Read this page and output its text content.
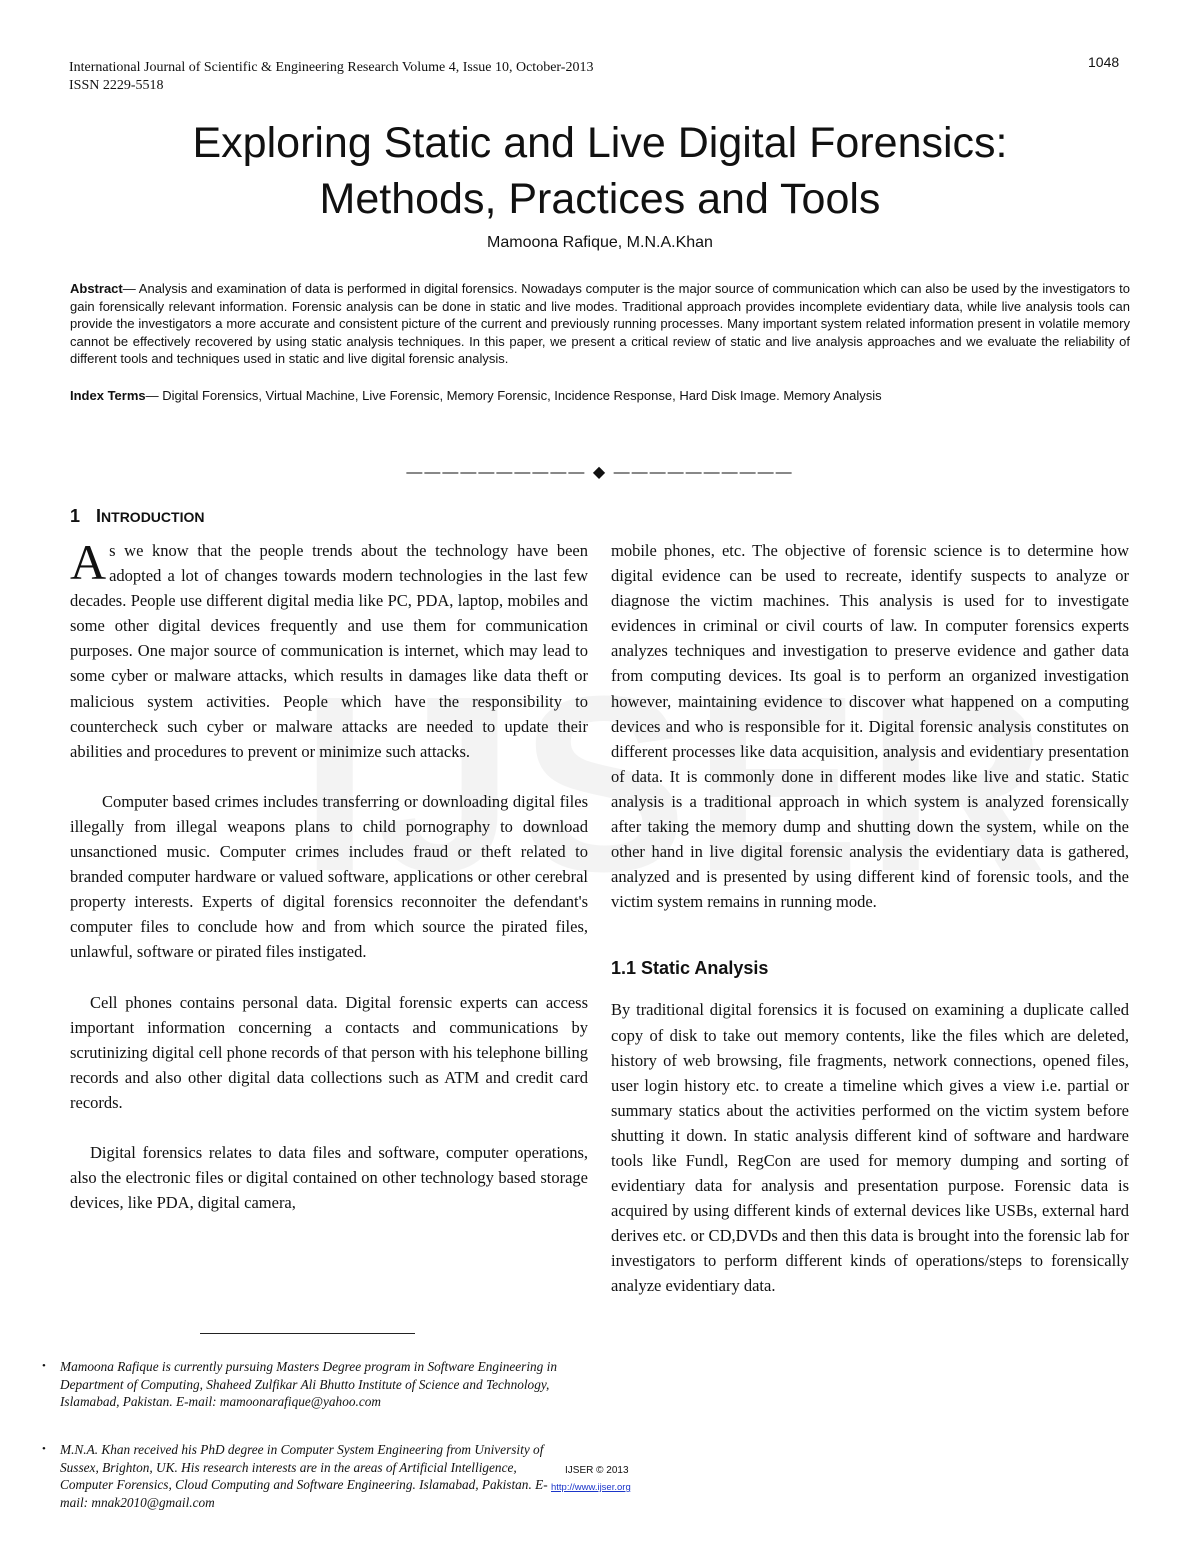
International Journal of Scientific & Engineering Research Volume 4, Issue 10, October-2013
ISSN 2229-5518
1048
Exploring Static and Live Digital Forensics:
Methods, Practices and Tools
Mamoona Rafique, M.N.A.Khan

Abstract— Analysis and examination of data is performed in digital forensics. Nowadays computer is the major source of communication which can also be used by the investigators to gain forensically relevant information. Forensic analysis can be done in static and live modes. Traditional approach provides incomplete evidentiary data, while live analysis tools can provide the investigators a more accurate and consistent picture of the current and previously running processes. Many important system related information present in volatile memory cannot be effectively recovered by using static analysis techniques. In this paper, we present a critical review of static and live analysis approaches and we evaluate the reliability of different tools and techniques used in static and live digital forensic analysis.

Index Terms— Digital Forensics, Virtual Machine, Live Forensic, Memory Forensic, Incidence Response, Hard Disk Image. Memory Analysis

—————————— ◆ ——————————
1 INTRODUCTION

As we know that the people trends about the technology have been adopted a lot of changes towards modern technologies in the last few decades. People use different digital media like PC, PDA, laptop, mobiles and some other digital devices frequently and use them for communication purposes. One major source of communication is internet, which may lead to some cyber or malware attacks, which results in damages like data theft or malicious system activities. People which have the responsibility to countercheck such cyber or malware attacks are needed to update their abilities and procedures to prevent or minimize such attacks.

Computer based crimes includes transferring or downloading digital files illegally from illegal weapons plans to child pornography to download unsanctioned music. Computer crimes includes fraud or theft related to branded computer hardware or valued software, applications or other cerebral property interests. Experts of digital forensics reconnoiter the defendant's computer files to conclude how and from which source the pirated files, unlawful, software or pirated files instigated.

Cell phones contains personal data. Digital forensic experts can access important information concerning a contacts and communications by scrutinizing digital cell phone records of that person with his telephone billing records and also other digital data collections such as ATM and credit card records.

Digital forensics relates to data files and software, computer operations, also the electronic files or digital contained on other technology based storage devices, like PDA, digital camera,

mobile phones, etc. The objective of forensic science is to determine how digital evidence can be used to recreate, identify suspects to analyze or diagnose the victim machines. This analysis is used for to investigate evidences in criminal or civil courts of law. In computer forensics experts analyzes techniques and investigation to preserve evidence and gather data from computing devices. Its goal is to perform an organized investigation however, maintaining evidence to discover what happened on a computing devices and who is responsible for it. Digital forensic analysis constitutes on different processes like data acquisition, analysis and evidentiary presentation of data. It is commonly done in different modes like live and static. Static analysis is a traditional approach in which system is analyzed forensically after taking the memory dump and shutting down the system, while on the other hand in live digital forensic analysis the evidentiary data is gathered, analyzed and is presented by using different kind of forensic tools, and the victim system remains in running mode.

1.1 Static Analysis

By traditional digital forensics it is focused on examining a duplicate called copy of disk to take out memory contents, like the files which are deleted, history of web browsing, file fragments, network connections, opened files, user login history etc. to create a timeline which gives a view i.e. partial or summary statics about the activities performed on the victim system before shutting it down. In static analysis different kind of software and hardware tools like Fundl, RegCon are used for memory dumping and sorting of evidentiary data for analysis and presentation purpose. Forensic data is acquired by using different kinds of external devices like USBs, external hard derives etc. or CD,DVDs and then this data is brought into the forensic lab for investigators to perform different kinds of operations/steps to forensically analyze evidentiary data.

• Mamoona Rafique is currently pursuing Masters Degree program in Software Engineering in Department of Computing, Shaheed Zulfikar Ali Bhutto Institute of Science and Technology, Islamabad, Pakistan. E-mail: mamoonarafique@yahoo.com

• M.N.A. Khan received his PhD degree in Computer System Engineering from University of Sussex, Brighton, UK. His research interests are in the areas of Artificial Intelligence, Computer Forensics, Cloud Computing and Software Engineering. Islamabad, Pakistan. E-mail: mnak2010@gmail.com

IJSER © 2013
http://www.ijser.org
